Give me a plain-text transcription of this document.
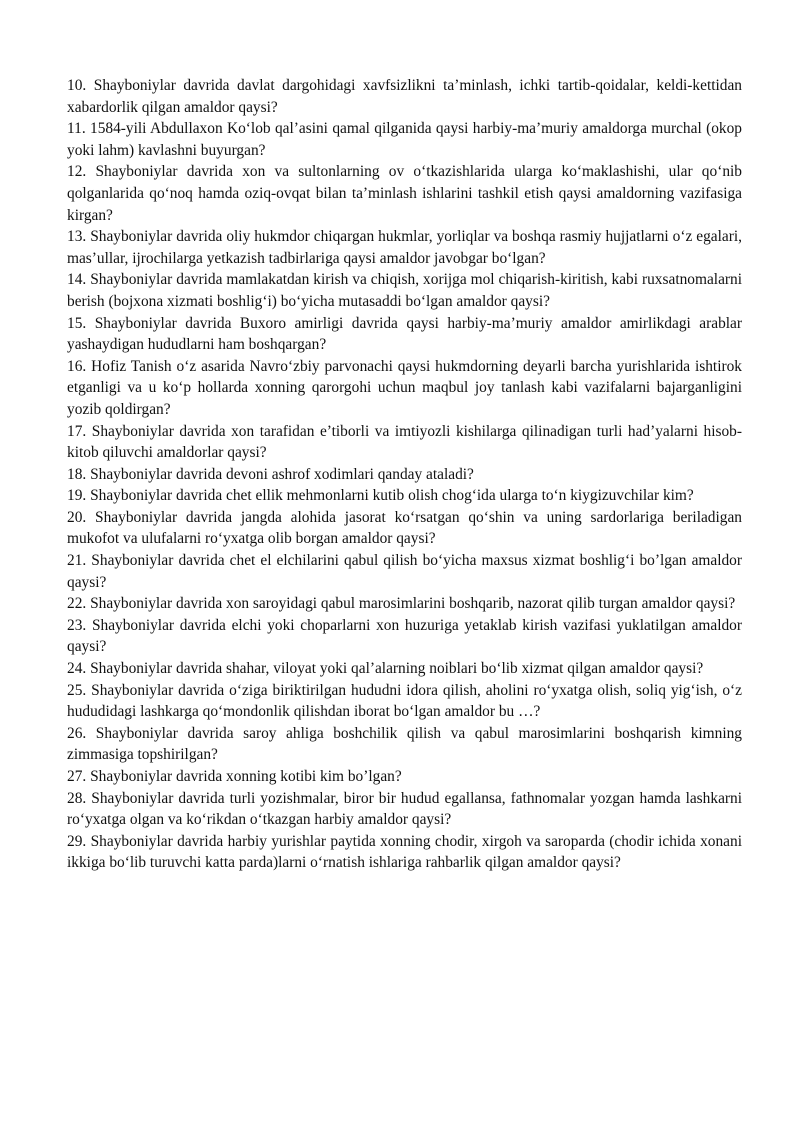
10. Shayboniylar davrida davlat dargohidagi xavfsizlikni ta’minlash, ichki tartib-qoidalar, keldi-kettidan xabardorlik qilgan amaldor qaysi?

11. 1584-yili Abdullaxon Ko‘lob qal’asini qamal qilganida qaysi harbiy-ma’muriy amaldorga murchal (okop yoki lahm) kavlashni buyurgan?

12. Shayboniylar davrida xon va sultonlarning ov o‘tkazishlarida ularga ko‘maklashishi, ular qo‘nib qolganlarida qo‘noq hamda oziq-ovqat bilan ta’minlash ishlarini tashkil etish qaysi amaldorning vazifasiga kirgan?

13. Shayboniylar davrida oliy hukmdor chiqargan hukmlar, yorliqlar va boshqa rasmiy hujjatlarni o‘z egalari, mas’ullar, ijrochilarga yetkazish tadbirlariga qaysi amaldor javobgar bo‘lgan?

14. Shayboniylar davrida mamlakatdan kirish va chiqish, xorijga mol chiqarish-kiritish, kabi ruxsatnomalarni berish (bojxona xizmati boshlig‘i) bo‘yicha mutasaddi bo‘lgan amaldor qaysi?

15. Shayboniylar davrida Buxoro amirligi davrida qaysi harbiy-ma’muriy amaldor amirlikdagi arablar yashaydigan hududlarni ham boshqargan?

16. Hofiz Tanish o‘z asarida Navro‘zbiy parvonachi qaysi hukmdorning deyarli barcha yurishlarida ishtirok etganligi va u ko‘p hollarda xonning qarorgohi uchun maqbul joy tanlash kabi vazifalarni bajarganligini yozib qoldirgan?

17. Shayboniylar davrida xon tarafidan e’tiborli va imtiyozli kishilarga qilinadigan turli had’yalarni hisob-kitob qiluvchi amaldorlar qaysi?

18. Shayboniylar davrida devoni ashrof xodimlari qanday ataladi?

19. Shayboniylar davrida chet ellik mehmonlarni kutib olish chog‘ida ularga to‘n kiygizuvchilar kim?

20. Shayboniylar davrida jangda alohida jasorat ko‘rsatgan qo‘shin va uning sardorlariga beriladigan mukofot va ulufalarni ro‘yxatga olib borgan amaldor qaysi?

21. Shayboniylar davrida chet el elchilarini qabul qilish bo‘yicha maxsus xizmat boshlig‘i bo’lgan amaldor qaysi?

22. Shayboniylar davrida xon saroyidagi qabul marosimlarini boshqarib, nazorat qilib turgan amaldor qaysi?

23. Shayboniylar davrida elchi yoki choparlarni xon huzuriga yetaklab kirish vazifasi yuklatilgan amaldor qaysi?

24. Shayboniylar davrida shahar, viloyat yoki qal’alarning noiblari bo‘lib xizmat qilgan amaldor qaysi?

25. Shayboniylar davrida o‘ziga biriktirilgan hududni idora qilish, aholini ro‘yxatga olish, soliq yig‘ish, o‘z hududidagi lashkarga qo‘mondonlik qilishdan iborat bo‘lgan amaldor bu …?

26. Shayboniylar davrida saroy ahliga boshchilik qilish va qabul marosimlarini boshqarish kimning zimmasiga topshirilgan?

27. Shayboniylar davrida xonning kotibi kim bo’lgan?

28. Shayboniylar davrida turli yozishmalar, biror bir hudud egallansa, fathnomalar yozgan hamda lashkarni ro‘yxatga olgan va ko‘rikdan o‘tkazgan harbiy amaldor qaysi?

29. Shayboniylar davrida harbiy yurishlar paytida xonning chodir, xirgoh va saroparda (chodir ichida xonani ikkiga bo‘lib turuvchi katta parda)larni o‘rnatish ishlariga rahbarlik qilgan amaldor qaysi?
